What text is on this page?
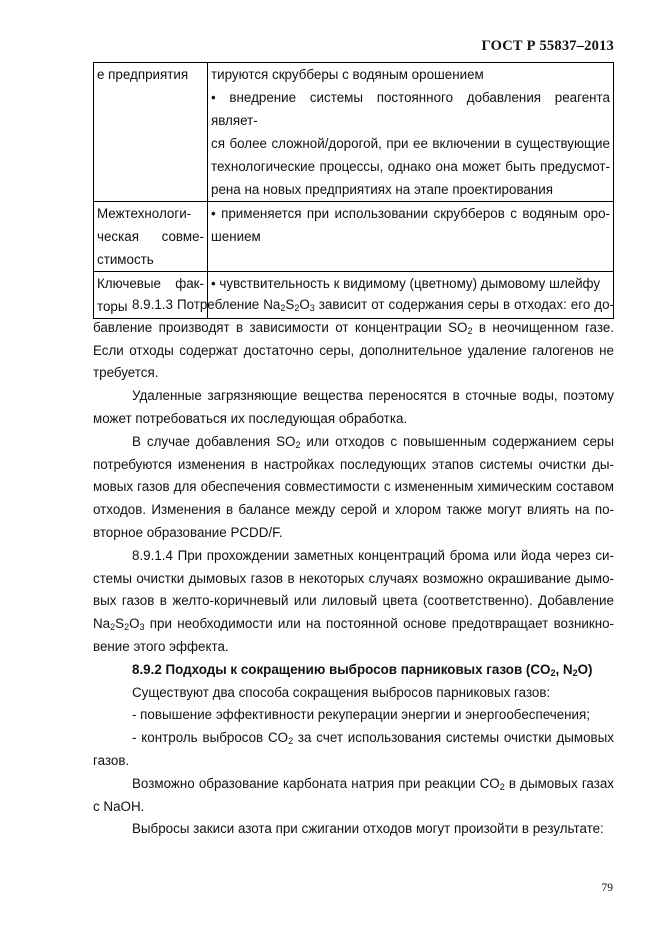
ГОСТ Р 55837–2013
е предприятия	тируются скрубберы с водяным орошением
• внедрение системы постоянного добавления реагента являет-
ся более сложной/дорогой, при ее включении в существующие
технологические процессы, однако она может быть предусмот-
рена на новых предприятиях на этапе проектирования

Межтехнологи-
ческая совме-
стимость	• применяется при использовании скрубберов с водяным оро-
шением

Ключевые фак-
торы	• чувствительность к видимому (цветному) дымовому шлейфу

8.9.1.3 Потребление $Na_2S_2O_3$ зависит от содержания серы в отходах: его до-

бавление производят в зависимости от концентрации $SO_2$ в неочищенном газе.
Если отходы содержат достаточно серы, дополнительное удаление галогенов не
требуется.

Удаленные загрязняющие вещества переносятся в сточные воды, поэтому

может потребоваться их последующая обработка.

В случае добавления $SO_2$ или отходов с повышенным содержанием серы

потребуются изменения в настройках последующих этапов системы очистки ды-
мовых газов для обеспечения совместимости с измененным химическим составом
отходов. Изменения в балансе между серой и хлором также могут влиять на по-
вторное образование PCDD/F.

8.9.1.4 При прохождении заметных концентраций брома или йода через си-

стемы очистки дымовых газов в некоторых случаях возможно окрашивание дымо-
вых газов в желто-коричневый или лиловый цвета (соответственно). Добавление
$Na_2S_2O_3$ при необходимости или на постоянной основе предотвращает возникно-
вение этого эффекта.

8.9.2 Подходы к сокращению выбросов парниковых газов ($CO_2$, $N_2O$)

Существуют два способа сокращения выбросов парниковых газов:

- повышение эффективности рекуперации энергии и энергообеспечения;

- контроль выбросов $CO_2$ за счет использования системы очистки дымовых

газов.

Возможно образование карбоната натрия при реакции $CO_2$ в дымовых газах

с NaOH.

Выбросы закиси азота при сжигании отходов могут произойти в результате:

79
